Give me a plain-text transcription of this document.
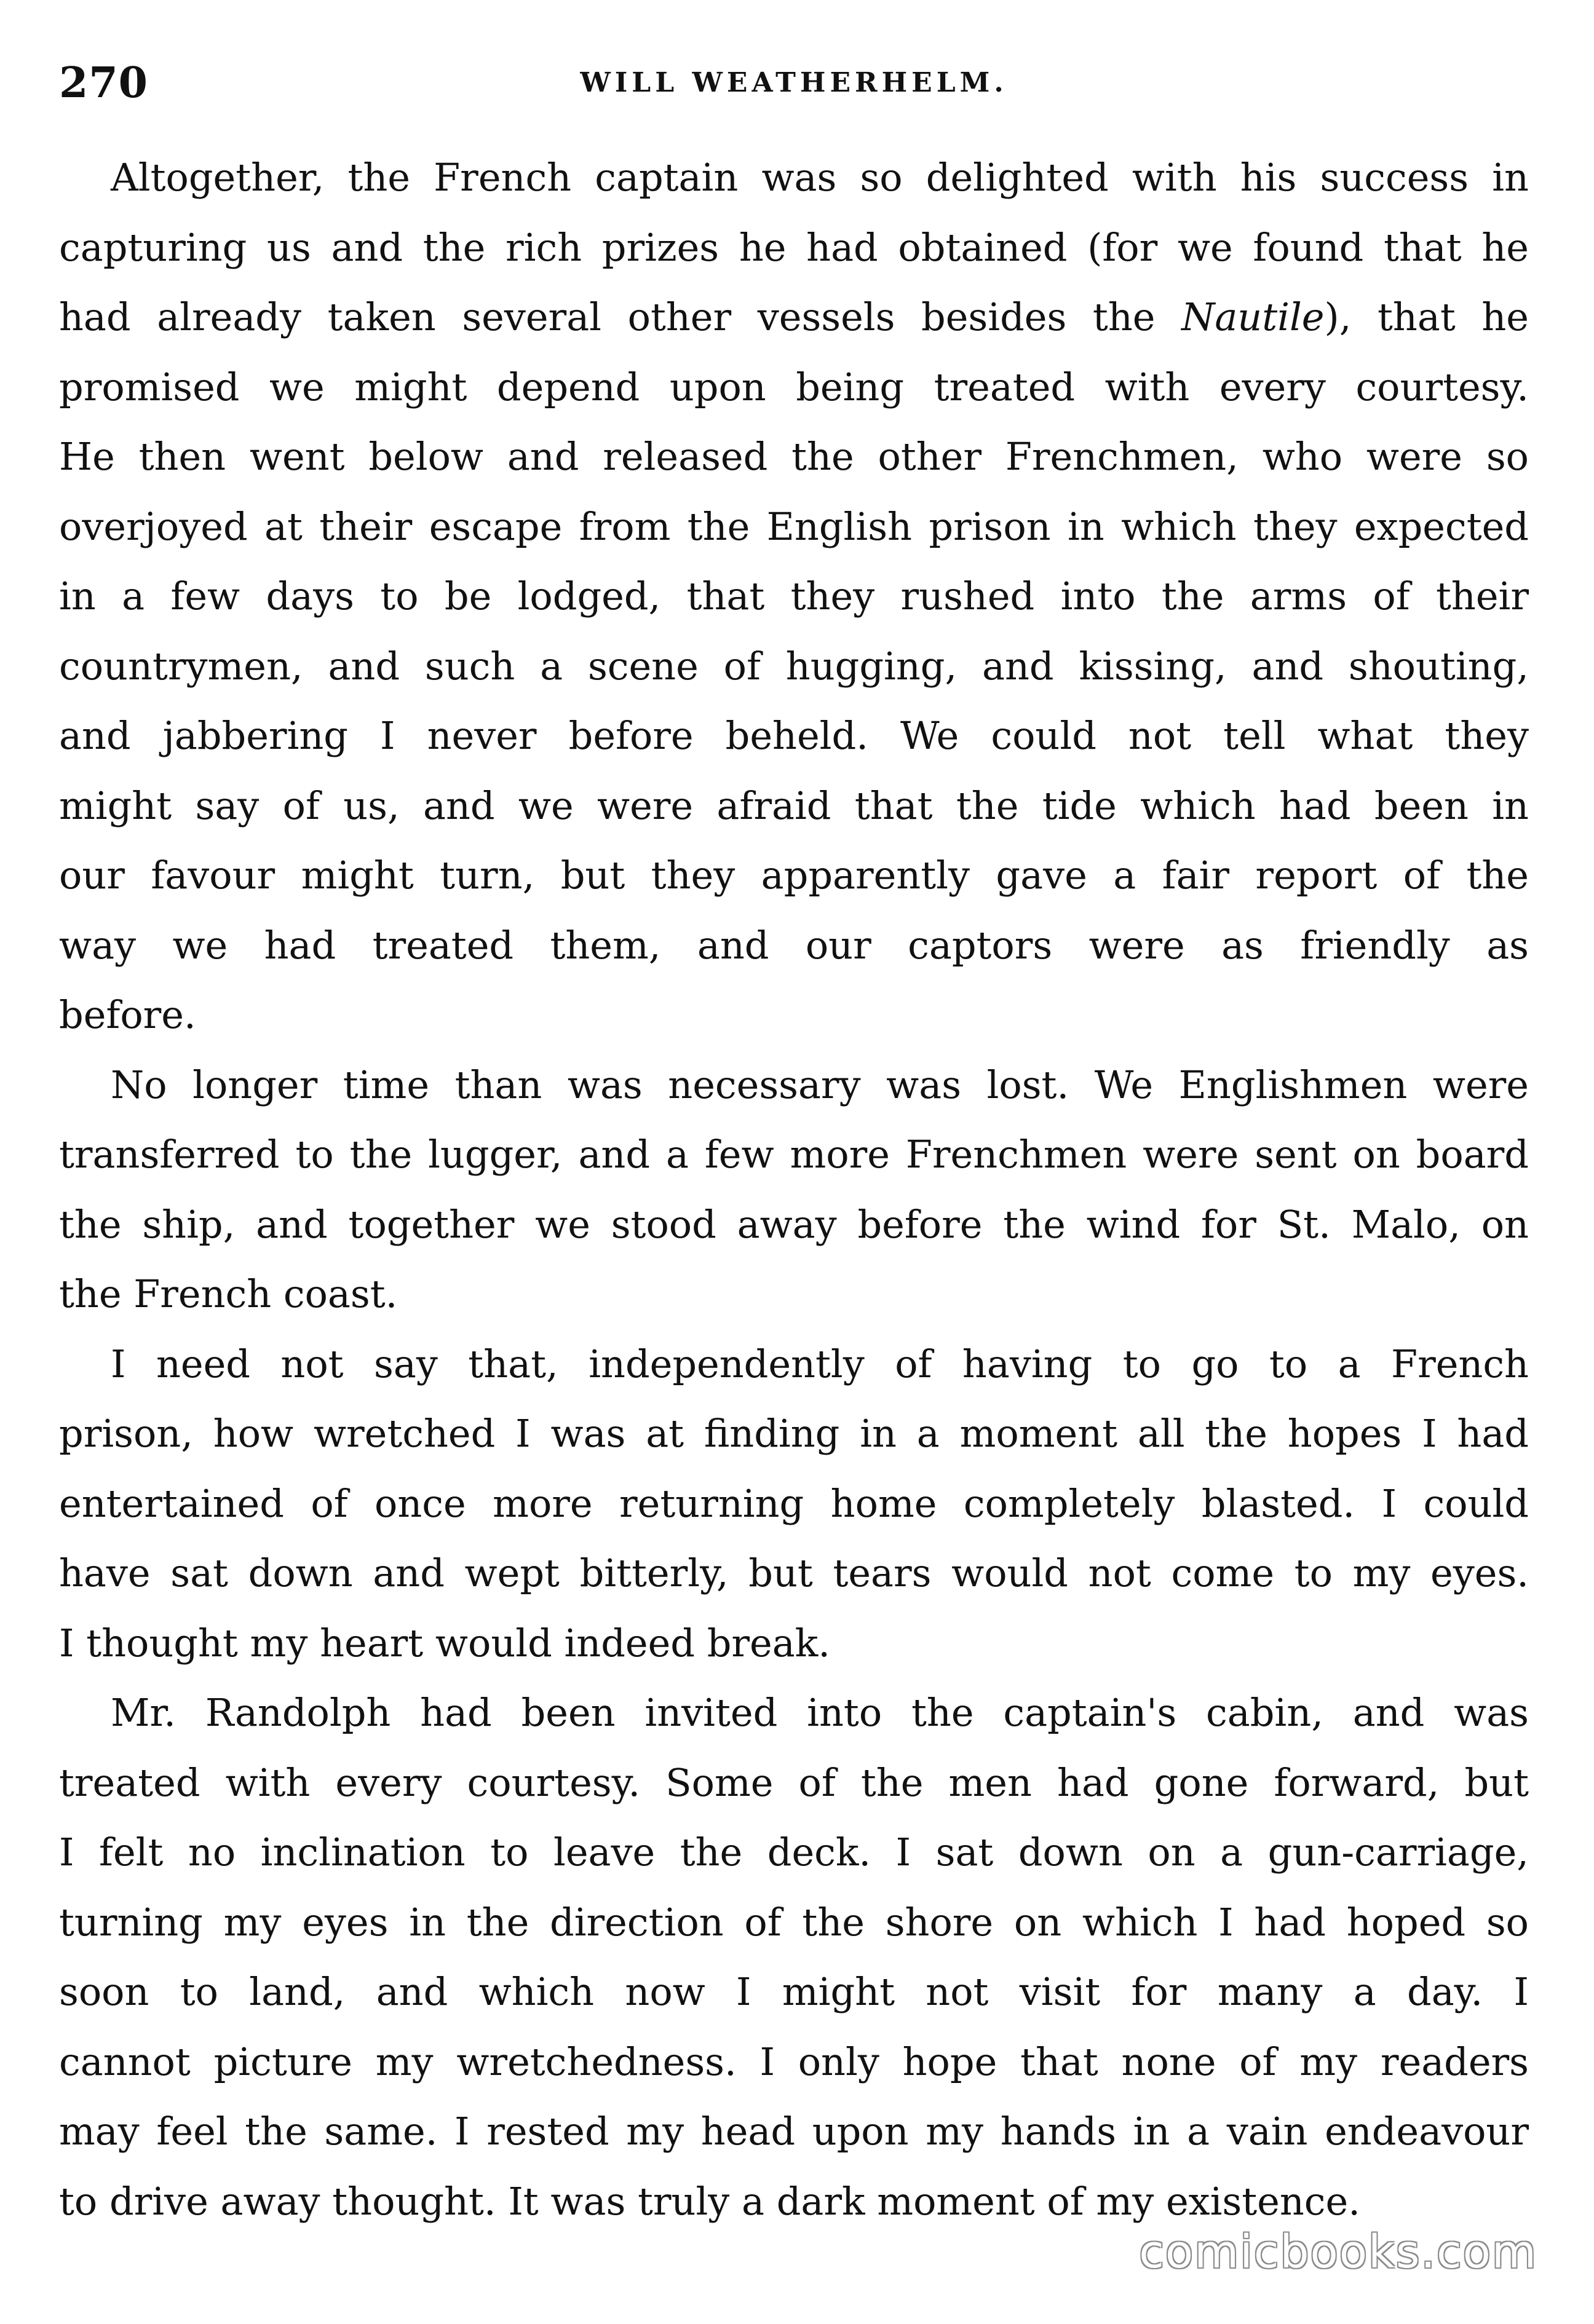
270	WILL WEATHERHELM.
Altogether, the French captain was so delighted with his success in
capturing us and the rich prizes he had obtained (for we found that he
had already taken several other vessels besides the Nautile), that he
promised we might depend upon being treated with every courtesy.
He then went below and released the other Frenchmen, who were so
overjoyed at their escape from the English prison in which they expected
in a few days to be lodged, that they rushed into the arms of their
countrymen, and such a scene of hugging, and kissing, and shouting,
and jabbering I never before beheld. We could not tell what they
might say of us, and we were afraid that the tide which had been in
our favour might turn, but they apparently gave a fair report of the
way we had treated them, and our captors were as friendly as
before.
No longer time than was necessary was lost. We Englishmen were
transferred to the lugger, and a few more Frenchmen were sent on board
the ship, and together we stood away before the wind for St. Malo, on
the French coast.
I need not say that, independently of having to go to a French
prison, how wretched I was at finding in a moment all the hopes I had
entertained of once more returning home completely blasted. I could
have sat down and wept bitterly, but tears would not come to my eyes.
I thought my heart would indeed break.
Mr. Randolph had been invited into the captain's cabin, and was
treated with every courtesy. Some of the men had gone forward, but
I felt no inclination to leave the deck. I sat down on a gun-carriage,
turning my eyes in the direction of the shore on which I had hoped so
soon to land, and which now I might not visit for many a day. I
cannot picture my wretchedness. I only hope that none of my readers
may feel the same. I rested my head upon my hands in a vain endeavour
to drive away thought. It was truly a dark moment of my existence.
comicbooks.com
